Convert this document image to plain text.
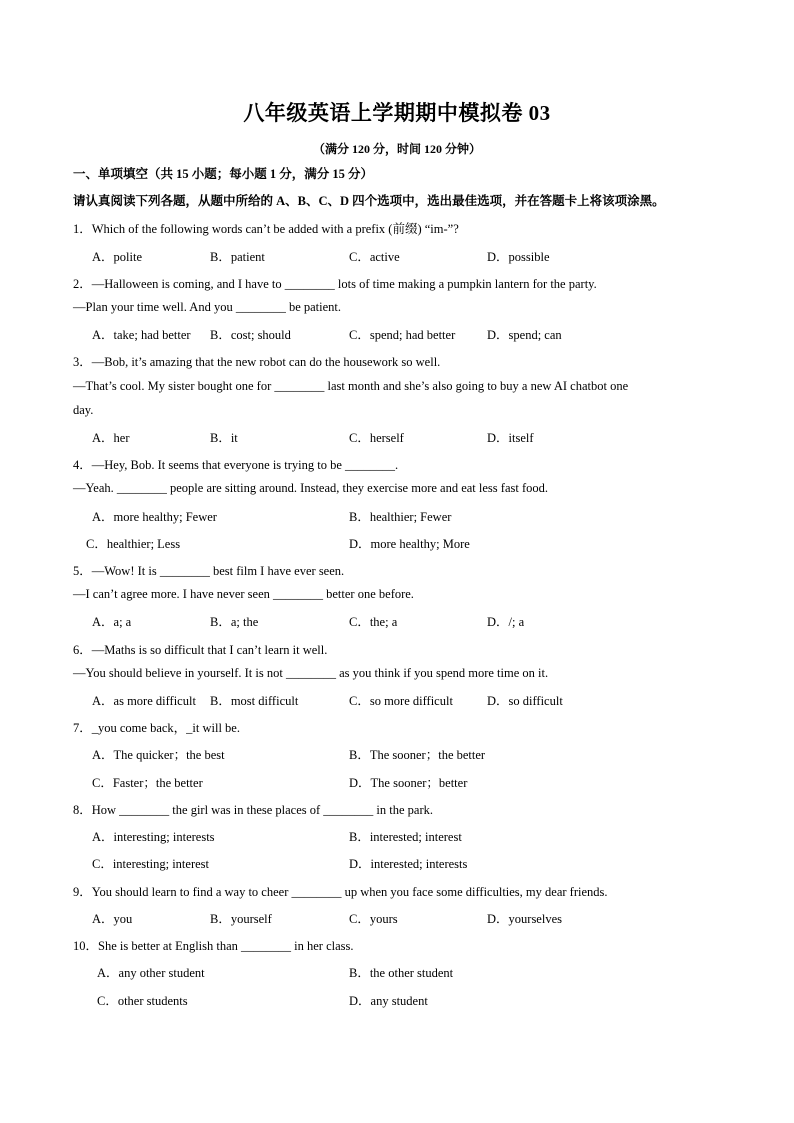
八年级英语上学期期中模拟卷 03
（满分 120 分，时间 120 分钟）
一、单项填空（共 15 小题；每小题 1 分，满分 15 分）
请认真阅读下列各题，从题中所给的 A、B、C、D 四个选项中，选出最佳选项，并在答题卡上将该项涂黑。
1．Which of the following words can’t be added with a prefix (前缀) “im-”?
A．polite	B．patient	C．active	D．possible
2．—Halloween is coming, and I have to ________ lots of time making a pumpkin lantern for the party.
—Plan your time well. And you ________ be patient.
A．take; had better B．cost; should	C．spend; had better	D．spend; can
3．—Bob, it’s amazing that the new robot can do the housework so well.
—That’s cool. My sister bought one for ________ last month and she’s also going to buy a new AI chatbot one
day.
A．her	B．it	C．herself	D．itself
4．—Hey, Bob. It seems that everyone is trying to be ________.
—Yeah. ________ people are sitting around. Instead, they exercise more and eat less fast food.
A．more healthy; Fewer	B．healthier; Fewer
C．healthier; Less	D．more healthy; More
5．—Wow! It is ________ best film I have ever seen.
—I can’t agree more. I have never seen ________ better one before.
A．a; a	B．a; the	C．the; a	D．/; a
6．—Maths is so difficult that I can’t learn it well.
—You should believe in yourself. It is not ________ as you think if you spend more time on it.
A．as more difficult B．most difficult	C．so more difficult	D．so difficult
7．_you come back，_it will be.
A．The quicker；the best	B．The sooner；the better
C．Faster；the better	D．The sooner；better
8．How ________ the girl was in these places of ________ in the park.
A．interesting; interests	B．interested; interest
C．interesting; interest	D．interested; interests
9．You should learn to find a way to cheer ________ up when you face some difficulties, my dear friends.
A．you	B．yourself	C．yours	D．yourselves
10．She is better at English than ________ in her class.
A．any other student	B．the other student
C．other students	D．any student
